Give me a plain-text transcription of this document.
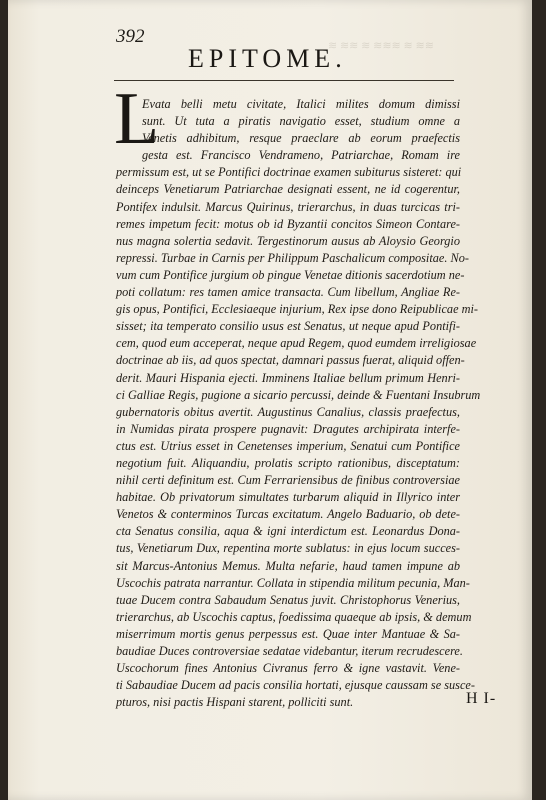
≋ ≋≋ ≋ ≋≋≋ ≋ ≋≋
392
EPITOME.
L
Evata belli metu civitate, Italici milites domum dimissi
sunt. Ut tuta a piratis navigatio esset, studium omne a
Venetis adhibitum, resque praeclare ab eorum praefectis
gesta est. Francisco Vendrameno, Patriarchae, Romam ire
permissum est, ut se Pontifici doctrinae examen subiturus sisteret: qui
deinceps Venetiarum Patriarchae designati essent, ne id cogerentur,
Pontifex indulsit. Marcus Quirinus, trierarchus, in duas turcicas tri-
remes impetum fecit: motus ob id Byzantii concitos Simeon Contare-
nus magna solertia sedavit. Tergestinorum ausus ab Aloysio Georgio
repressi. Turbae in Carnis per Philippum Paschalicum compositae. No-
vum cum Pontifice jurgium ob pingue Venetae ditionis sacerdotium ne-
poti collatum: res tamen amice transacta. Cum libellum, Angliae Re-
gis opus, Pontifici, Ecclesiaeque injurium, Rex ipse dono Reipublicae mi-
sisset; ita temperato consilio usus est Senatus, ut neque apud Pontifi-
cem, quod eum acceperat, neque apud Regem, quod eumdem irreligiosae
doctrinae ab iis, ad quos spectat, damnari passus fuerat, aliquid offen-
derit. Mauri Hispania ejecti. Imminens Italiae bellum primum Henri-
ci Galliae Regis, pugione a sicario percussi, deinde & Fuentani Insubrum
gubernatoris obitus avertit. Augustinus Canalius, classis praefectus,
in Numidas pirata prospere pugnavit: Dragutes archipirata interfe-
ctus est. Utrius esset in Cenetenses imperium, Senatui cum Pontifice
negotium fuit. Aliquandiu, prolatis scripto rationibus, disceptatum:
nihil certi definitum est. Cum Ferrariensibus de finibus controversiae
habitae. Ob privatorum simultates turbarum aliquid in Illyrico inter
Venetos & conterminos Turcas excitatum. Angelo Baduario, ob dete-
cta Senatus consilia, aqua & igni interdictum est. Leonardus Dona-
tus, Venetiarum Dux, repentina morte sublatus: in ejus locum succes-
sit Marcus-Antonius Memus. Multa nefarie, haud tamen impune ab
Uscochis patrata narrantur. Collata in stipendia militum pecunia, Man-
tuae Ducem contra Sabaudum Senatus juvit. Christophorus Venerius,
trierarchus, ab Uscochis captus, foedissima quaeque ab ipsis, & demum
miserrimum mortis genus perpessus est. Quae inter Mantuae & Sa-
baudiae Duces controversiae sedatae videbantur, iterum recrudescere.
Uscochorum fines Antonius Civranus ferro & igne vastavit. Vene-
ti Sabaudiae Ducem ad pacis consilia hortati, ejusque caussam se susce-
pturos, nisi pactis Hispani starent, polliciti sunt.	H I-
